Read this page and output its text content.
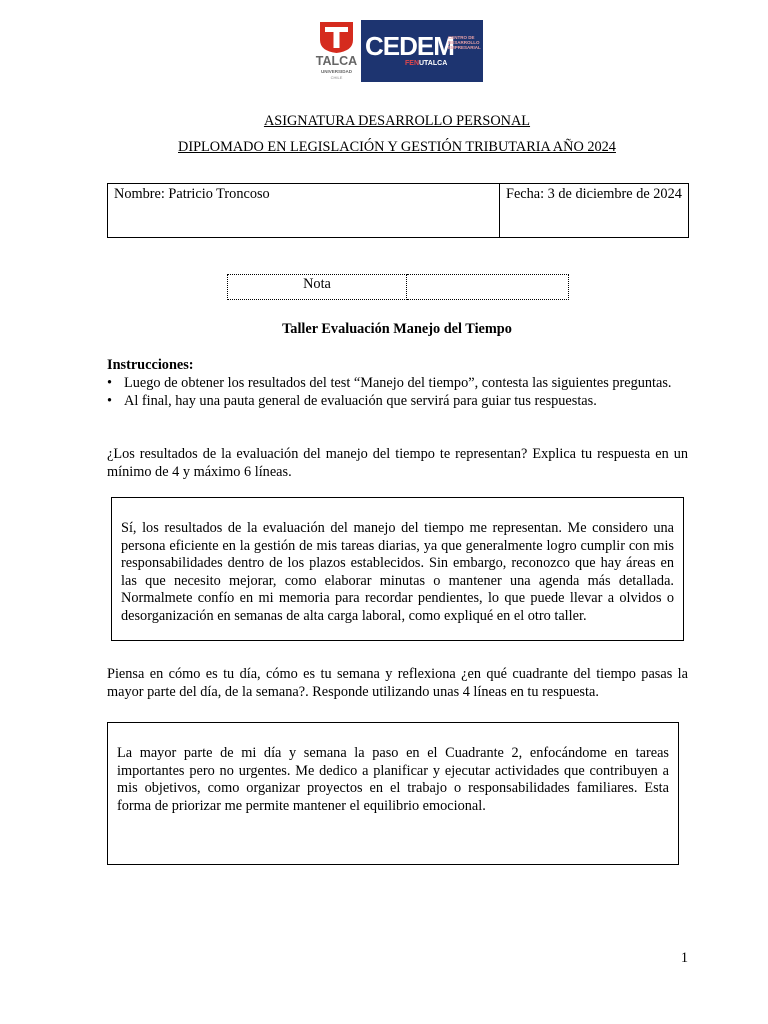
TALCA
UNIVERSIDAD
CHILE
CEDEM
CENTRO DE DESARROLLO EMPRESARIAL
FENUTALCA
ASIGNATURA DESARROLLO PERSONAL
DIPLOMADO EN LEGISLACIÓN Y GESTIÓN TRIBUTARIA AÑO 2024
Nombre: Patricio Troncoso	Fecha: 3 de diciembre de 2024
Nota	
Taller Evaluación Manejo del Tiempo
Instrucciones:
• Luego de obtener los resultados del test “Manejo del tiempo”, contesta las siguientes preguntas.
• Al final, hay una pauta general de evaluación que servirá para guiar tus respuestas.
¿Los resultados de la evaluación del manejo del tiempo te representan? Explica tu respuesta en un mínimo de 4 y máximo 6 líneas.
Sí, los resultados de la evaluación del manejo del tiempo me representan. Me considero una persona eficiente en la gestión de mis tareas diarias, ya que generalmente logro cumplir con mis responsabilidades dentro de los plazos establecidos. Sin embargo, reconozco que hay áreas en las que necesito mejorar, como elaborar minutas o mantener una agenda más detallada. Normalmete confío en mi memoria para recordar pendientes, lo que puede llevar a olvidos o desorganización en semanas de alta carga laboral, como expliqué en el otro taller.
Piensa en cómo es tu día, cómo es tu semana y reflexiona ¿en qué cuadrante del tiempo pasas la mayor parte del día, de la semana?. Responde utilizando unas 4 líneas en tu respuesta.
La mayor parte de mi día y semana la paso en el Cuadrante 2, enfocándome en tareas importantes pero no urgentes. Me dedico a planificar y ejecutar actividades que contribuyen a mis objetivos, como organizar proyectos en el trabajo o responsabilidades familiares. Esta forma de priorizar me permite mantener el equilibrio emocional.
1
